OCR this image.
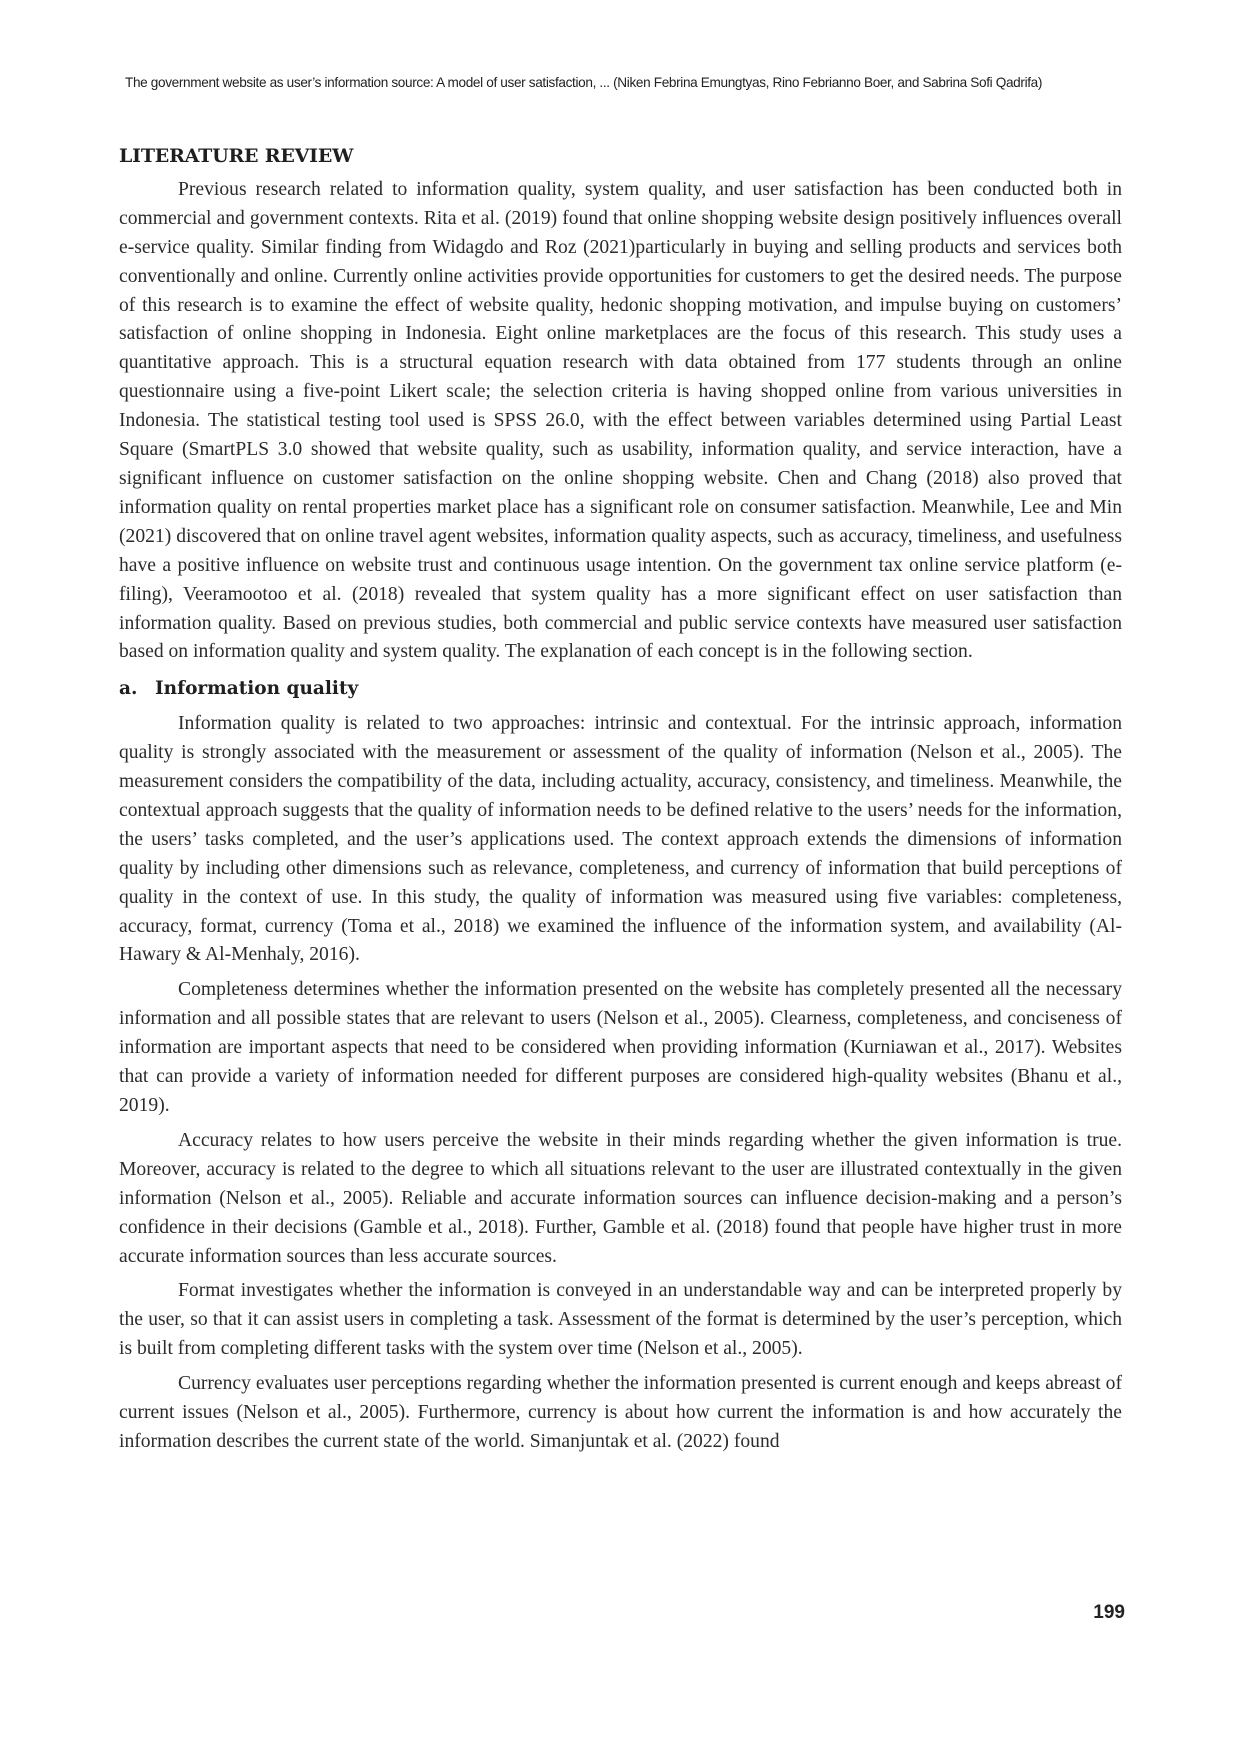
The government website as user’s information source: A model of user satisfaction, ... (Niken Febrina Emungtyas, Rino Febrianno Boer, and Sabrina Sofi Qadrifa)
LITERATURE REVIEW

Previous research related to information quality, system quality, and user satisfaction has been conducted both in commercial and government contexts. Rita et al. (2019) found that online shopping website design positively influences overall e-service quality. Similar finding from Widagdo and Roz (2021)particularly in buying and selling products and services both conventionally and online. Currently online activities provide opportunities for customers to get the desired needs. The purpose of this research is to examine the effect of website quality, hedonic shopping motivation, and impulse buying on customers’ satisfaction of online shopping in Indonesia. Eight online marketplaces are the focus of this research. This study uses a quantitative approach. This is a structural equation research with data obtained from 177 students through an online questionnaire using a five-point Likert scale; the selection criteria is having shopped online from various universities in Indonesia. The statistical testing tool used is SPSS 26.0, with the effect between variables determined using Partial Least Square (SmartPLS 3.0 showed that website quality, such as usability, information quality, and service interaction, have a significant influence on customer satisfaction on the online shopping website. Chen and Chang (2018) also proved that information quality on rental properties market place has a significant role on consumer satisfaction. Meanwhile, Lee and Min (2021) discovered that on online travel agent websites, information quality aspects, such as accuracy, timeliness, and usefulness have a positive influence on website trust and continuous usage intention. On the government tax online service platform (e-filing), Veeramootoo et al. (2018) revealed that system quality has a more significant effect on user satisfaction than information quality. Based on previous studies, both commercial and public service contexts have measured user satisfaction based on information quality and system quality. The explanation of each concept is in the following section.

a. Information quality

Information quality is related to two approaches: intrinsic and contextual. For the intrinsic approach, information quality is strongly associated with the measurement or assessment of the quality of information (Nelson et al., 2005). The measurement considers the compatibility of the data, including actuality, accuracy, consistency, and timeliness. Meanwhile, the contextual approach suggests that the quality of information needs to be defined relative to the users’ needs for the information, the users’ tasks completed, and the user’s applications used. The context approach extends the dimensions of information quality by including other dimensions such as relevance, completeness, and currency of information that build perceptions of quality in the context of use. In this study, the quality of information was measured using five variables: completeness, accuracy, format, currency (Toma et al., 2018) we examined the influence of the information system, and availability (Al-Hawary & Al-Menhaly, 2016).

Completeness determines whether the information presented on the website has completely presented all the necessary information and all possible states that are relevant to users (Nelson et al., 2005). Clearness, completeness, and conciseness of information are important aspects that need to be considered when providing information (Kurniawan et al., 2017). Websites that can provide a variety of information needed for different purposes are considered high-quality websites (Bhanu et al., 2019).

Accuracy relates to how users perceive the website in their minds regarding whether the given information is true. Moreover, accuracy is related to the degree to which all situations relevant to the user are illustrated contextually in the given information (Nelson et al., 2005). Reliable and accurate information sources can influence decision-making and a person’s confidence in their decisions (Gamble et al., 2018). Further, Gamble et al. (2018) found that people have higher trust in more accurate information sources than less accurate sources.

Format investigates whether the information is conveyed in an understandable way and can be interpreted properly by the user, so that it can assist users in completing a task. Assessment of the format is determined by the user’s perception, which is built from completing different tasks with the system over time (Nelson et al., 2005).

Currency evaluates user perceptions regarding whether the information presented is current enough and keeps abreast of current issues (Nelson et al., 2005). Furthermore, currency is about how current the information is and how accurately the information describes the current state of the world. Simanjuntak et al. (2022) found

199
